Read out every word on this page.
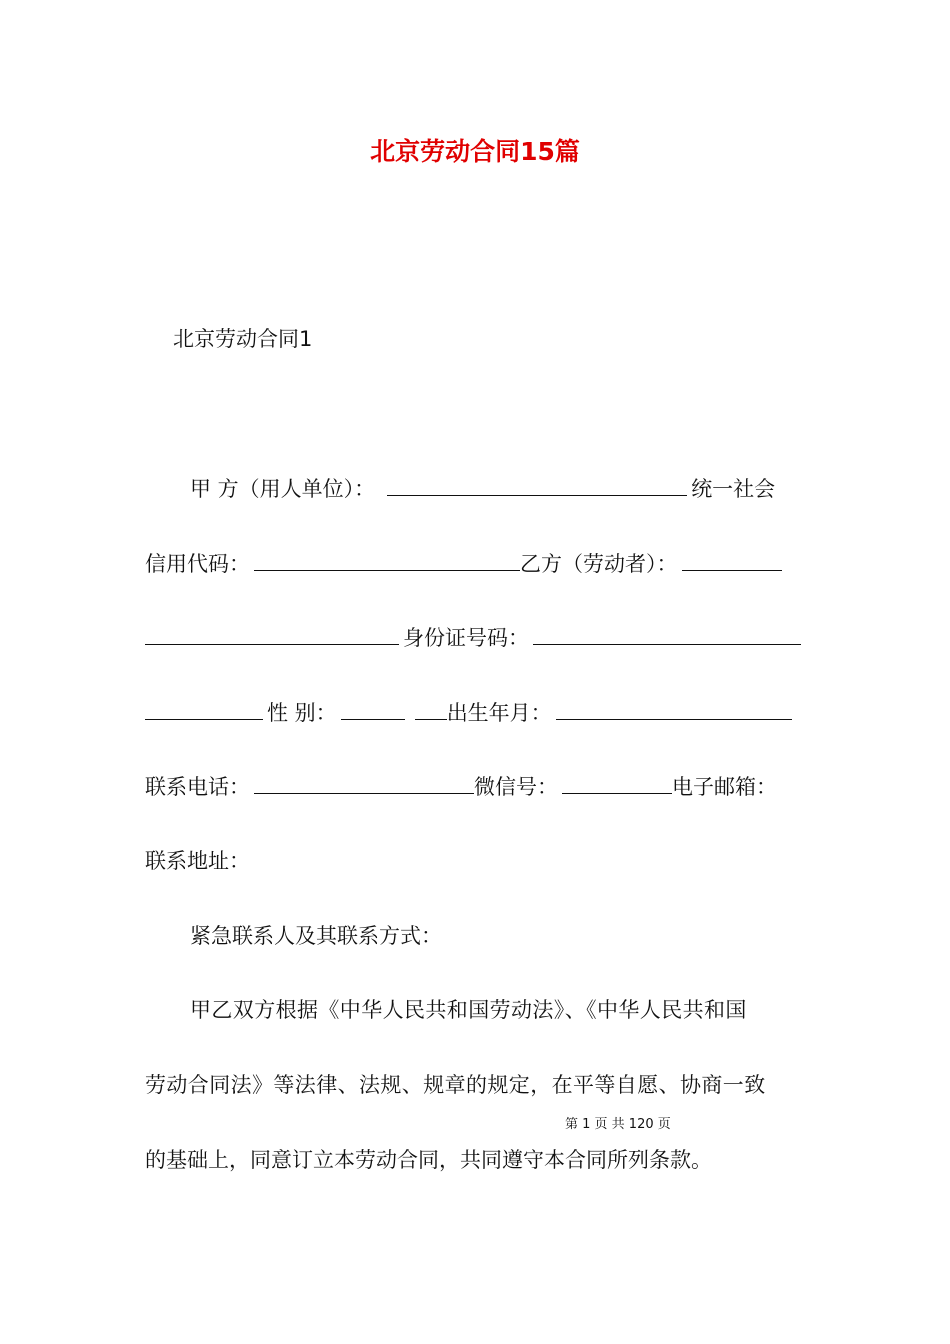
北京劳动合同15篇
北京劳动合同1
甲 方（用人单位）：	统一社会
信用代码：	乙方（劳动者）：
身份证号码：
性 别：	出生年月：
联系电话：	微信号：	电子邮箱：
联系地址：
紧急联系人及其联系方式：
甲乙双方根据《中华人民共和国劳动法》、《中华人民共和国
劳动合同法》等法律、法规、规章的规定，在平等自愿、协商一致
第 1 页 共 120 页
的基础上，同意订立本劳动合同，共同遵守本合同所列条款。
